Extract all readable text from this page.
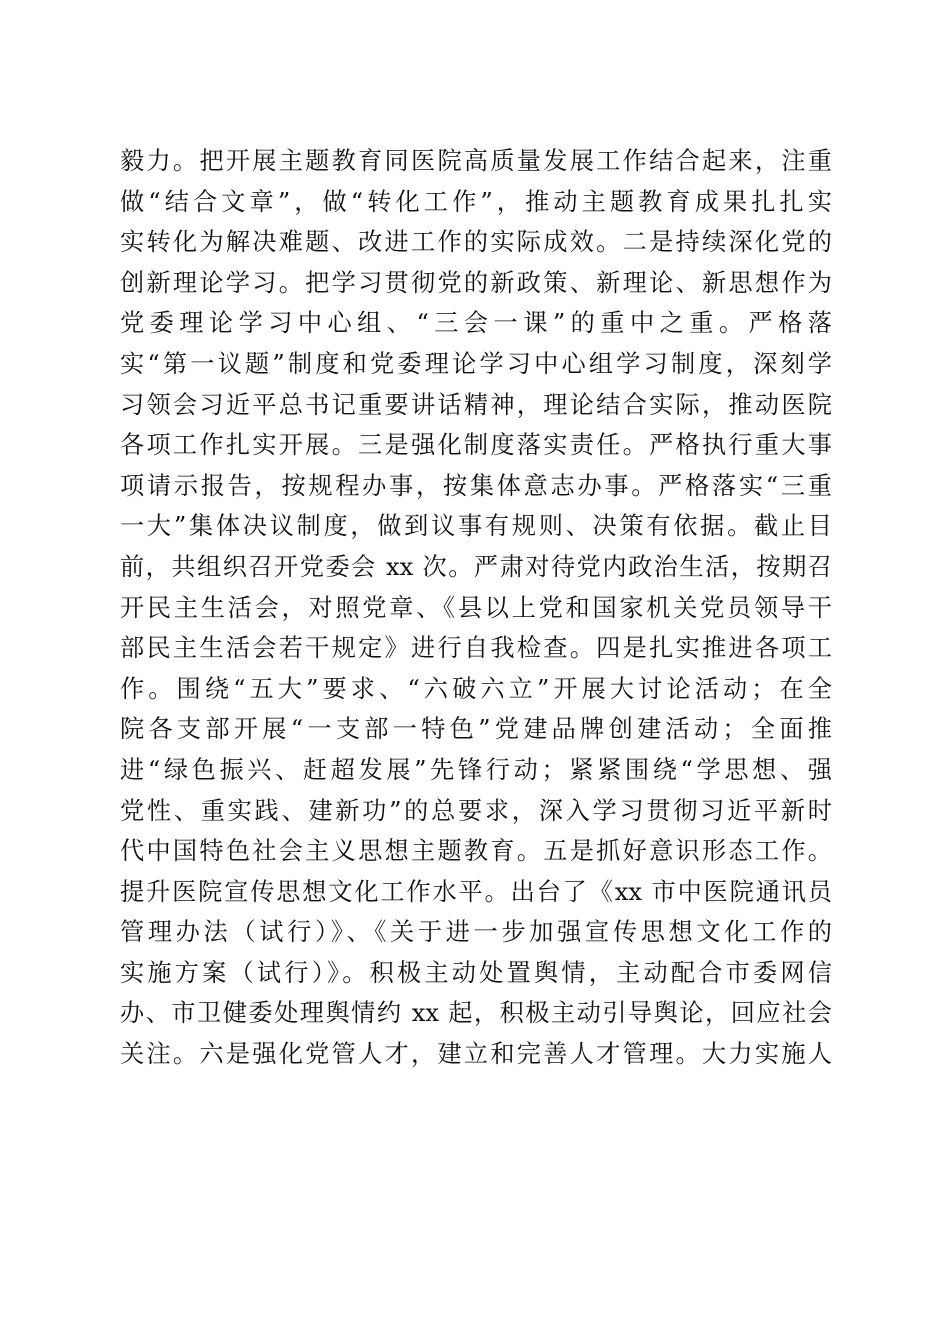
毅力。把开展主题教育同医院高质量发展工作结合起来，注重
做“结合文章”，做“转化工作”，推动主题教育成果扎扎实
实转化为解决难题、改进工作的实际成效。二是持续深化党的
创新理论学习。把学习贯彻党的新政策、新理论、新思想作为
党委理论学习中心组、“三会一课”的重中之重。严格落
实“第一议题”制度和党委理论学习中心组学习制度，深刻学
习领会习近平总书记重要讲话精神，理论结合实际，推动医院
各项工作扎实开展。三是强化制度落实责任。严格执行重大事
项请示报告，按规程办事，按集体意志办事。严格落实“三重
一大”集体决议制度，做到议事有规则、决策有依据。截止目
前，共组织召开党委会 xx 次。严肃对待党内政治生活，按期召
开民主生活会，对照党章、《县以上党和国家机关党员领导干
部民主生活会若干规定》进行自我检查。四是扎实推进各项工
作。围绕“五大”要求、“六破六立”开展大讨论活动；在全
院各支部开展“一支部一特色”党建品牌创建活动；全面推
进“绿色振兴、赶超发展”先锋行动；紧紧围绕“学思想、强
党性、重实践、建新功”的总要求，深入学习贯彻习近平新时
代中国特色社会主义思想主题教育。五是抓好意识形态工作。
提升医院宣传思想文化工作水平。出台了《xx 市中医院通讯员
管理办法（试行）》、《关于进一步加强宣传思想文化工作的
实施方案（试行）》。积极主动处置舆情，主动配合市委网信
办、市卫健委处理舆情约 xx 起，积极主动引导舆论，回应社会
关注。六是强化党管人才，建立和完善人才管理。大力实施人
